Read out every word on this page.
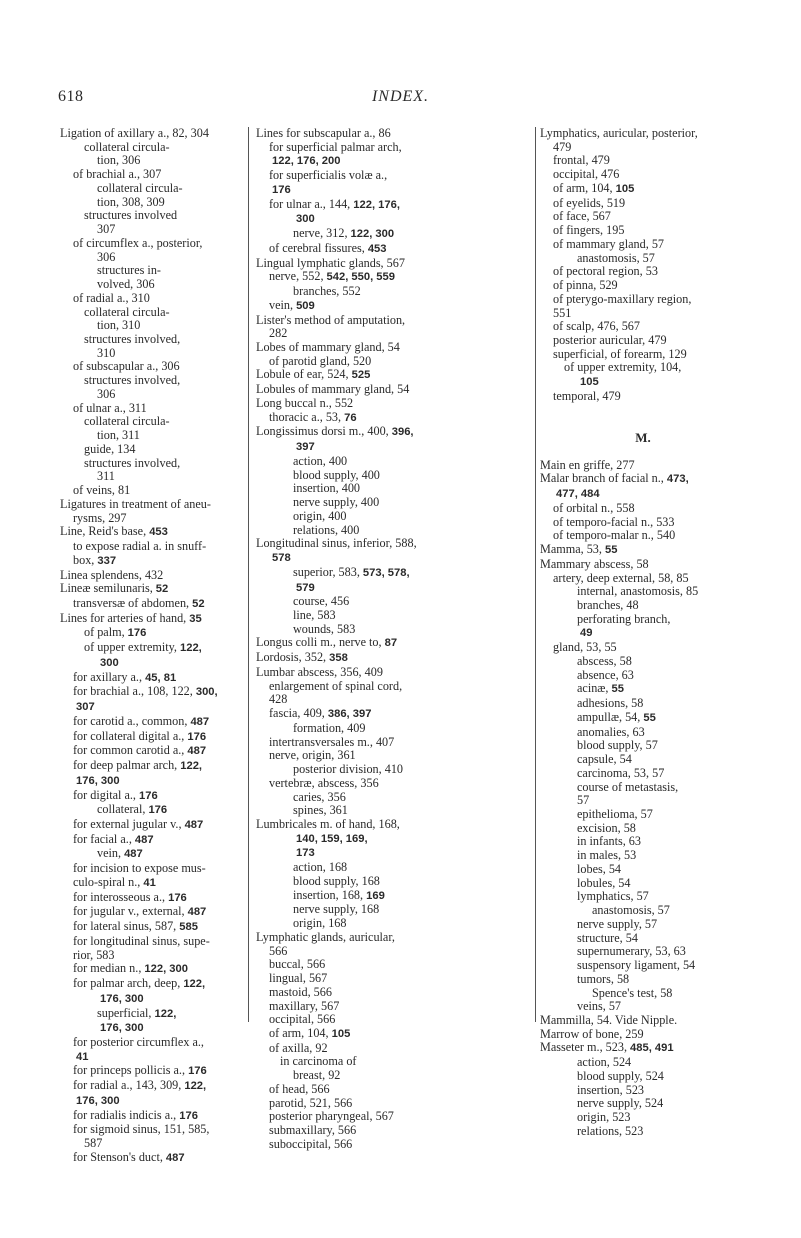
618	INDEX.
Ligation of axillary a., 82, 304
collateral circula-
tion, 306
of brachial a., 307
collateral circula-
tion, 308, 309
structures involved
307
of circumflex a., posterior,
306
structures in-
volved, 306
of radial a., 310
collateral circula-
tion, 310
structures involved,
310
of subscapular a., 306
structures involved,
306
of ulnar a., 311
collateral circula-
tion, 311
guide, 134
structures involved,
311
of veins, 81
Ligatures in treatment of aneu-
rysms, 297
Line, Reid's base, 453
to expose radial a. in snuff-
box, 337
Linea splendens, 432
Lineæ semilunaris, 52
transversæ of abdomen, 52
Lines for arteries of hand, 35
of palm, 176
of upper extremity, 122,
300
for axillary a., 45, 81
for brachial a., 108, 122, 300,
307
for carotid a., common, 487
for collateral digital a., 176
for common carotid a., 487
for deep palmar arch, 122,
176, 300
for digital a., 176
collateral, 176
for external jugular v., 487
for facial a., 487
vein, 487
for incision to expose mus-
culo-spiral n., 41
for interosseous a., 176
for jugular v., external, 487
for lateral sinus, 587, 585
for longitudinal sinus, supe-
rior, 583
for median n., 122, 300
for palmar arch, deep, 122,
176, 300
superficial, 122,
176, 300
for posterior circumflex a.,
41
for princeps pollicis a., 176
for radial a., 143, 309, 122,
176, 300
for radialis indicis a., 176
for sigmoid sinus, 151, 585,
587
for Stenson's duct, 487
Lines for subscapular a., 86
for superficial palmar arch,
122, 176, 200
for superficialis volæ a.,
176
for ulnar a., 144, 122, 176,
300
nerve, 312, 122, 300
of cerebral fissures, 453
Lingual lymphatic glands, 567
nerve, 552, 542, 550, 559
branches, 552
vein, 509
Lister's method of amputation,
282
Lobes of mammary gland, 54
of parotid gland, 520
Lobule of ear, 524, 525
Lobules of mammary gland, 54
Long buccal n., 552
thoracic a., 53, 76
Longissimus dorsi m., 400, 396,
397
action, 400
blood supply, 400
insertion, 400
nerve supply, 400
origin, 400
relations, 400
Longitudinal sinus, inferior, 588,
578
superior, 583, 573, 578,
579
course, 456
line, 583
wounds, 583
Longus colli m., nerve to, 87
Lordosis, 352, 358
Lumbar abscess, 356, 409
enlargement of spinal cord,
428
fascia, 409, 386, 397
formation, 409
intertransversales m., 407
nerve, origin, 361
posterior division, 410
vertebræ, abscess, 356
caries, 356
spines, 361
Lumbricales m. of hand, 168,
140, 159, 169,
173
action, 168
blood supply, 168
insertion, 168, 169
nerve supply, 168
origin, 168
Lymphatic glands, auricular,
566
buccal, 566
lingual, 567
mastoid, 566
maxillary, 567
occipital, 566
of arm, 104, 105
of axilla, 92
in carcinoma of
breast, 92
of head, 566
parotid, 521, 566
posterior pharyngeal, 567
submaxillary, 566
suboccipital, 566
Lymphatics, auricular, posterior,
479
frontal, 479
occipital, 476
of arm, 104, 105
of eyelids, 519
of face, 567
of fingers, 195
of mammary gland, 57
anastomosis, 57
of pectoral region, 53
of pinna, 529
of pterygo-maxillary region,
551
of scalp, 476, 567
posterior auricular, 479
superficial, of forearm, 129
of upper extremity, 104,
105
temporal, 479

M.

Main en griffe, 277
Malar branch of facial n., 473,
477, 484
of orbital n., 558
of temporo-facial n., 533
of temporo-malar n., 540
Mamma, 53, 55
Mammary abscess, 58
artery, deep external, 58, 85
internal, anastomosis, 85
branches, 48
perforating branch,
49
gland, 53, 55
abscess, 58
absence, 63
acinæ, 55
adhesions, 58
ampullæ, 54, 55
anomalies, 63
blood supply, 57
capsule, 54
carcinoma, 53, 57
course of metastasis,
57
epithelioma, 57
excision, 58
in infants, 63
in males, 53
lobes, 54
lobules, 54
lymphatics, 57
anastomosis, 57
nerve supply, 57
structure, 54
supernumerary, 53, 63
suspensory ligament, 54
tumors, 58
Spence's test, 58
veins, 57
Mammilla, 54. Vide Nipple.
Marrow of bone, 259
Masseter m., 523, 485, 491
action, 524
blood supply, 524
insertion, 523
nerve supply, 524
origin, 523
relations, 523
